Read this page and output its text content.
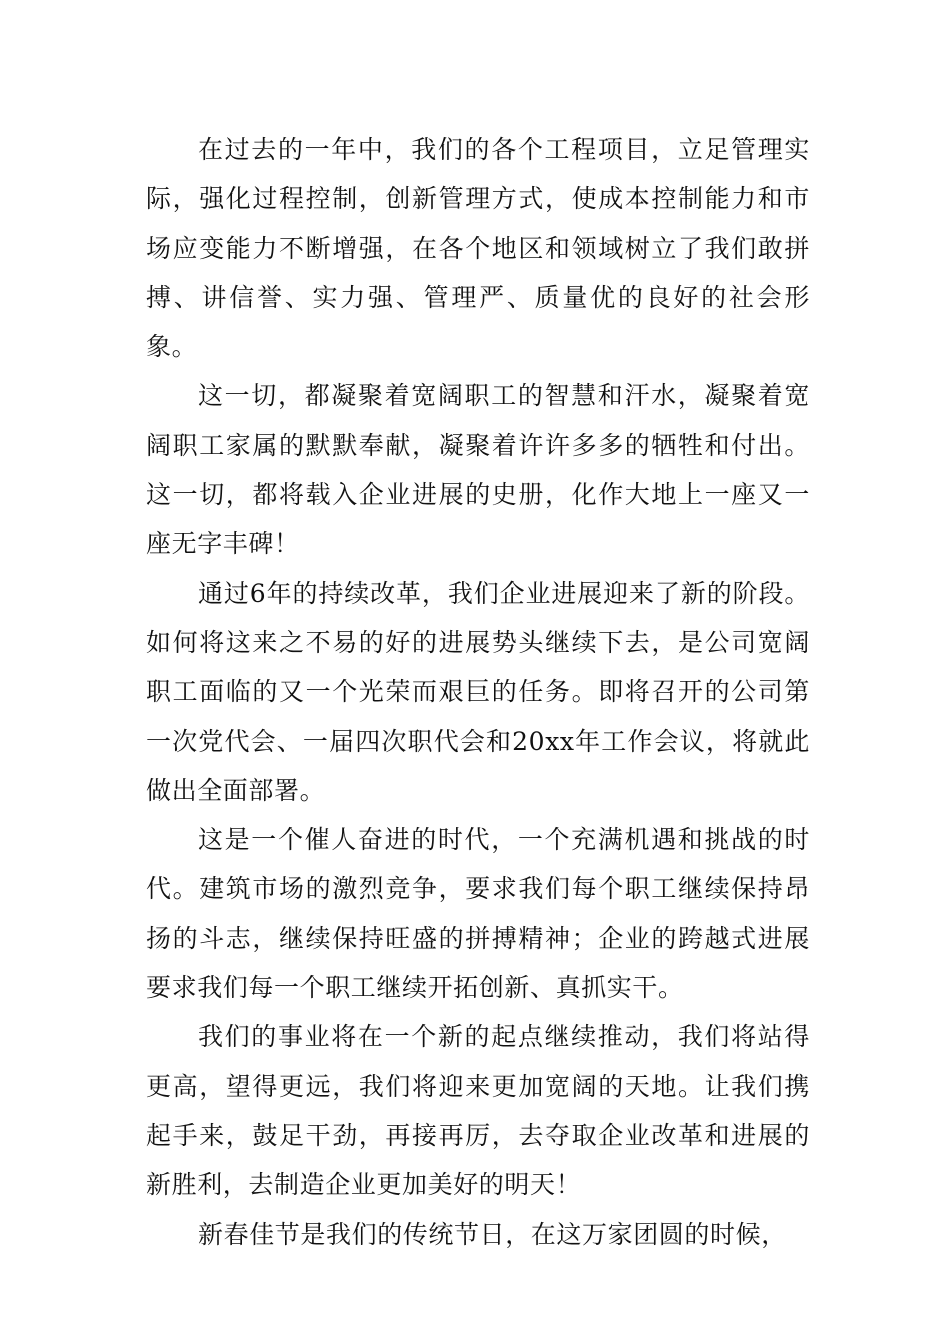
在过去的一年中，我们的各个工程项目，立足管理实际，强化过程控制，创新管理方式，使成本控制能力和市场应变能力不断增强，在各个地区和领域树立了我们敢拼搏、讲信誉、实力强、管理严、质量优的良好的社会形象。

这一切，都凝聚着宽阔职工的智慧和汗水，凝聚着宽阔职工家属的默默奉献，凝聚着许许多多的牺牲和付出。这一切，都将载入企业进展的史册，化作大地上一座又一座无字丰碑！

通过6年的持续改革，我们企业进展迎来了新的阶段。如何将这来之不易的好的进展势头继续下去，是公司宽阔职工面临的又一个光荣而艰巨的任务。即将召开的公司第一次党代会、一届四次职代会和20xx年工作会议，将就此做出全面部署。

这是一个催人奋进的时代，一个充满机遇和挑战的时代。建筑市场的激烈竞争，要求我们每个职工继续保持昂扬的斗志，继续保持旺盛的拼搏精神；企业的跨越式进展要求我们每一个职工继续开拓创新、真抓实干。

我们的事业将在一个新的起点继续推动，我们将站得更高，望得更远，我们将迎来更加宽阔的天地。让我们携起手来，鼓足干劲，再接再厉，去夺取企业改革和进展的新胜利，去制造企业更加美好的明天！

新春佳节是我们的传统节日，在这万家团圆的时候，
